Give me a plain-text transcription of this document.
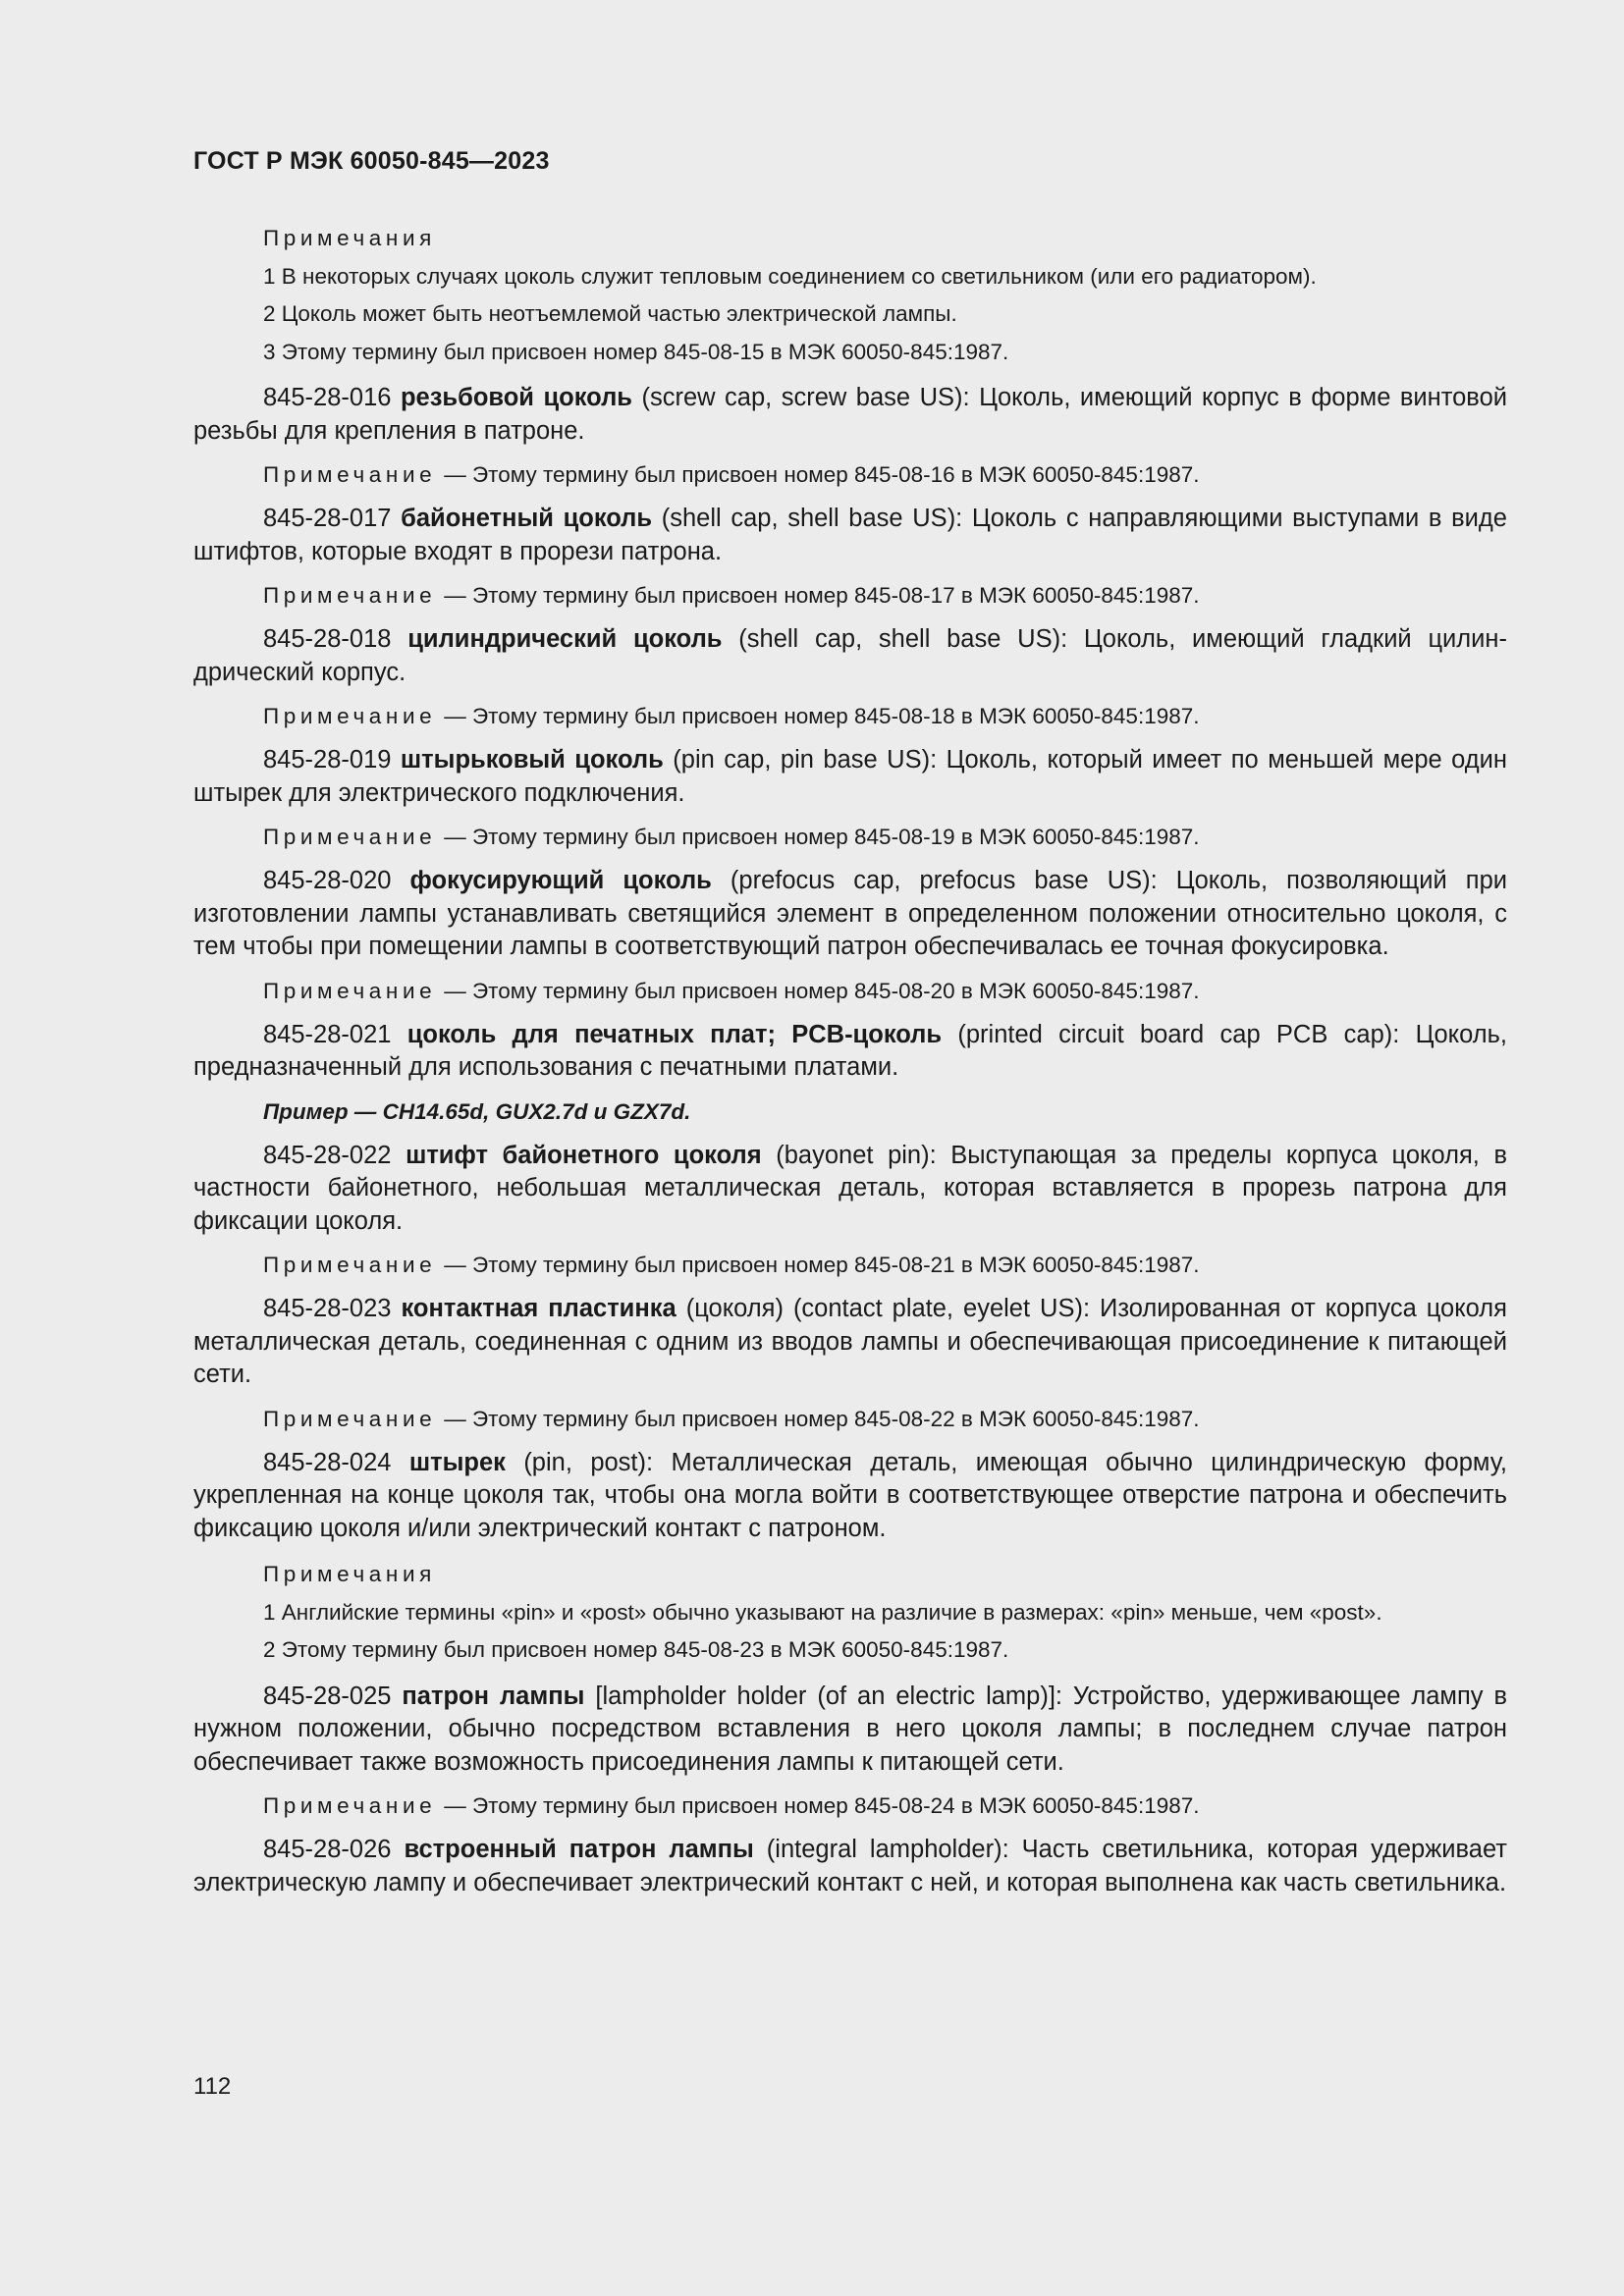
ГОСТ Р МЭК 60050-845—2023
Примечания
1 В некоторых случаях цоколь служит тепловым соединением со светильником (или его радиатором).
2 Цоколь может быть неотъемлемой частью электрической лампы.
3 Этому термину был присвоен номер 845-08-15 в МЭК 60050-845:1987.

845-28-016 резьбовой цоколь (screw cap, screw base US): Цоколь, имеющий корпус в форме винтовой резьбы для крепления в патроне.

Примечание — Этому термину был присвоен номер 845-08-16 в МЭК 60050-845:1987.

845-28-017 байонетный цоколь (shell cap, shell base US): Цоколь с направляющими выступами в виде штифтов, которые входят в прорези патрона.

Примечание — Этому термину был присвоен номер 845-08-17 в МЭК 60050-845:1987.

845-28-018 цилиндрический цоколь (shell cap, shell base US): Цоколь, имеющий гладкий цилиндрический корпус.

Примечание — Этому термину был присвоен номер 845-08-18 в МЭК 60050-845:1987.

845-28-019 штырьковый цоколь (pin cap, pin base US): Цоколь, который имеет по меньшей мере один штырек для электрического подключения.

Примечание — Этому термину был присвоен номер 845-08-19 в МЭК 60050-845:1987.

845-28-020 фокусирующий цоколь (prefocus cap, prefocus base US): Цоколь, позволяющий при изготовлении лампы устанавливать светящийся элемент в определенном положении относительно цоколя, с тем чтобы при помещении лампы в соответствующий патрон обеспечивалась ее точная фокусировка.

Примечание — Этому термину был присвоен номер 845-08-20 в МЭК 60050-845:1987.

845-28-021 цоколь для печатных плат; PCB-цоколь (printed circuit board cap PCB cap): Цоколь, предназначенный для использования с печатными платами.

Пример — CH14.65d, GUX2.7d и GZX7d.

845-28-022 штифт байонетного цоколя (bayonet pin): Выступающая за пределы корпуса цоколя, в частности байонетного, небольшая металлическая деталь, которая вставляется в прорезь патрона для фиксации цоколя.

Примечание — Этому термину был присвоен номер 845-08-21 в МЭК 60050-845:1987.

845-28-023 контактная пластинка (цоколя) (contact plate, eyelet US): Изолированная от корпуса цоколя металлическая деталь, соединенная с одним из вводов лампы и обеспечивающая присоединение к питающей сети.

Примечание — Этому термину был присвоен номер 845-08-22 в МЭК 60050-845:1987.

845-28-024 штырек (pin, post): Металлическая деталь, имеющая обычно цилиндрическую форму, укрепленная на конце цоколя так, чтобы она могла войти в соответствующее отверстие патрона и обеспечить фиксацию цоколя и/или электрический контакт с патроном.

Примечания
1 Английские термины «pin» и «post» обычно указывают на различие в размерах: «pin» меньше, чем «post».
2 Этому термину был присвоен номер 845-08-23 в МЭК 60050-845:1987.

845-28-025 патрон лампы [lampholder holder (of an electric lamp)]: Устройство, удерживающее лампу в нужном положении, обычно посредством вставления в него цоколя лампы; в последнем случае патрон обеспечивает также возможность присоединения лампы к питающей сети.

Примечание — Этому термину был присвоен номер 845-08-24 в МЭК 60050-845:1987.

845-28-026 встроенный патрон лампы (integral lampholder): Часть светильника, которая удерживает электрическую лампу и обеспечивает электрический контакт с ней, и которая выполнена как часть светильника.

112
